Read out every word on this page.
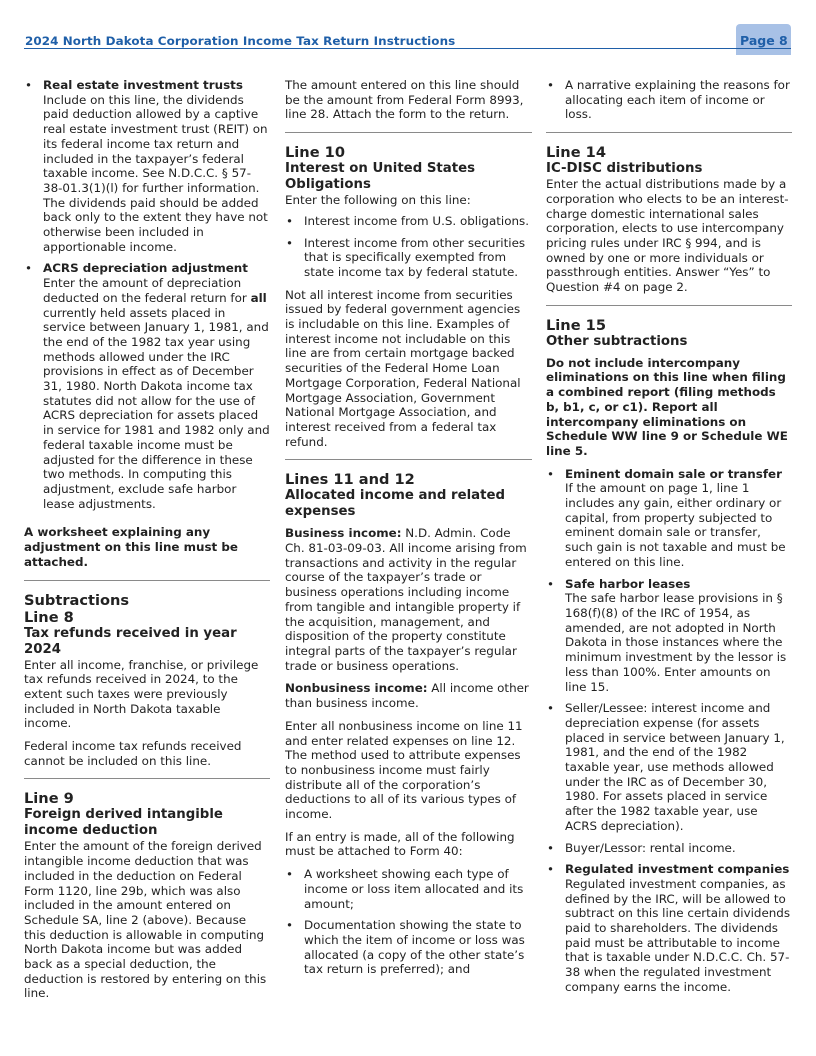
2024 North Dakota Corporation Income Tax Return Instructions	Page 8
• Real estate investment trusts
Include on this line, the dividends paid deduction allowed by a captive real estate investment trust (REIT) on its federal income tax return and included in the taxpayer’s federal taxable income. See N.D.C.C. § 57-38-01.3(1)(l) for further information. The dividends paid should be added back only to the extent they have not otherwise been included in apportionable income.
• ACRS depreciation adjustment
Enter the amount of depreciation deducted on the federal return for all currently held assets placed in service between January 1, 1981, and the end of the 1982 tax year using methods allowed under the IRC provisions in effect as of December 31, 1980. North Dakota income tax statutes did not allow for the use of ACRS depreciation for assets placed in service for 1981 and 1982 only and federal taxable income must be adjusted for the difference in these two methods. In computing this adjustment, exclude safe harbor lease adjustments.

A worksheet explaining any adjustment on this line must be attached.

Subtractions
Line 8
Tax refunds received in year 2024

Enter all income, franchise, or privilege tax refunds received in 2024, to the extent such taxes were previously included in North Dakota taxable income.

Federal income tax refunds received cannot be included on this line.

Line 9
Foreign derived intangible income deduction

Enter the amount of the foreign derived intangible income deduction that was included in the deduction on Federal Form 1120, line 29b, which was also included in the amount entered on Schedule SA, line 2 (above). Because this deduction is allowable in computing North Dakota income but was added back as a special deduction, the deduction is restored by entering on this line.

The amount entered on this line should be the amount from Federal Form 8993, line 28. Attach the form to the return.

Line 10
Interest on United States Obligations

Enter the following on this line:

• Interest income from U.S. obligations.
• Interest income from other securities that is specifically exempted from state income tax by federal statute.

Not all interest income from securities issued by federal government agencies is includable on this line. Examples of interest income not includable on this line are from certain mortgage backed securities of the Federal Home Loan Mortgage Corporation, Federal National Mortgage Association, Government National Mortgage Association, and interest received from a federal tax refund.

Lines 11 and 12
Allocated income and related expenses

Business income: N.D. Admin. Code Ch. 81-03-09-03. All income arising from transactions and activity in the regular course of the taxpayer’s trade or business operations including income from tangible and intangible property if the acquisition, management, and disposition of the property constitute integral parts of the taxpayer’s regular trade or business operations.

Nonbusiness income: All income other than business income.

Enter all nonbusiness income on line 11 and enter related expenses on line 12. The method used to attribute expenses to nonbusiness income must fairly distribute all of the corporation’s deductions to all of its various types of income.

If an entry is made, all of the following must be attached to Form 40:

• A worksheet showing each type of income or loss item allocated and its amount;
• Documentation showing the state to which the item of income or loss was allocated (a copy of the other state’s tax return is preferred); and
• A narrative explaining the reasons for allocating each item of income or loss.
Line 14
IC-DISC distributions

Enter the actual distributions made by a corporation who elects to be an interest-charge domestic international sales corporation, elects to use intercompany pricing rules under IRC § 994, and is owned by one or more individuals or passthrough entities. Answer “Yes” to Question #4 on page 2.

Line 15
Other subtractions

Do not include intercompany eliminations on this line when filing a combined report (filing methods b, b1, c, or c1). Report all intercompany eliminations on Schedule WW line 9 or Schedule WE line 5.

• Eminent domain sale or transfer
If the amount on page 1, line 1 includes any gain, either ordinary or capital, from property subjected to eminent domain sale or transfer, such gain is not taxable and must be entered on this line.
• Safe harbor leases
The safe harbor lease provisions in § 168(f)(8) of the IRC of 1954, as amended, are not adopted in North Dakota in those instances where the minimum investment by the lessor is less than 100%. Enter amounts on line 15.
• Seller/Lessee: interest income and depreciation expense (for assets placed in service between January 1, 1981, and the end of the 1982 taxable year, use methods allowed under the IRC as of December 30, 1980. For assets placed in service after the 1982 taxable year, use ACRS depreciation).
• Buyer/Lessor: rental income.
• Regulated investment companies
Regulated investment companies, as defined by the IRC, will be allowed to subtract on this line certain dividends paid to shareholders. The dividends paid must be attributable to income that is taxable under N.D.C.C. Ch. 57-38 when the regulated investment company earns the income.
